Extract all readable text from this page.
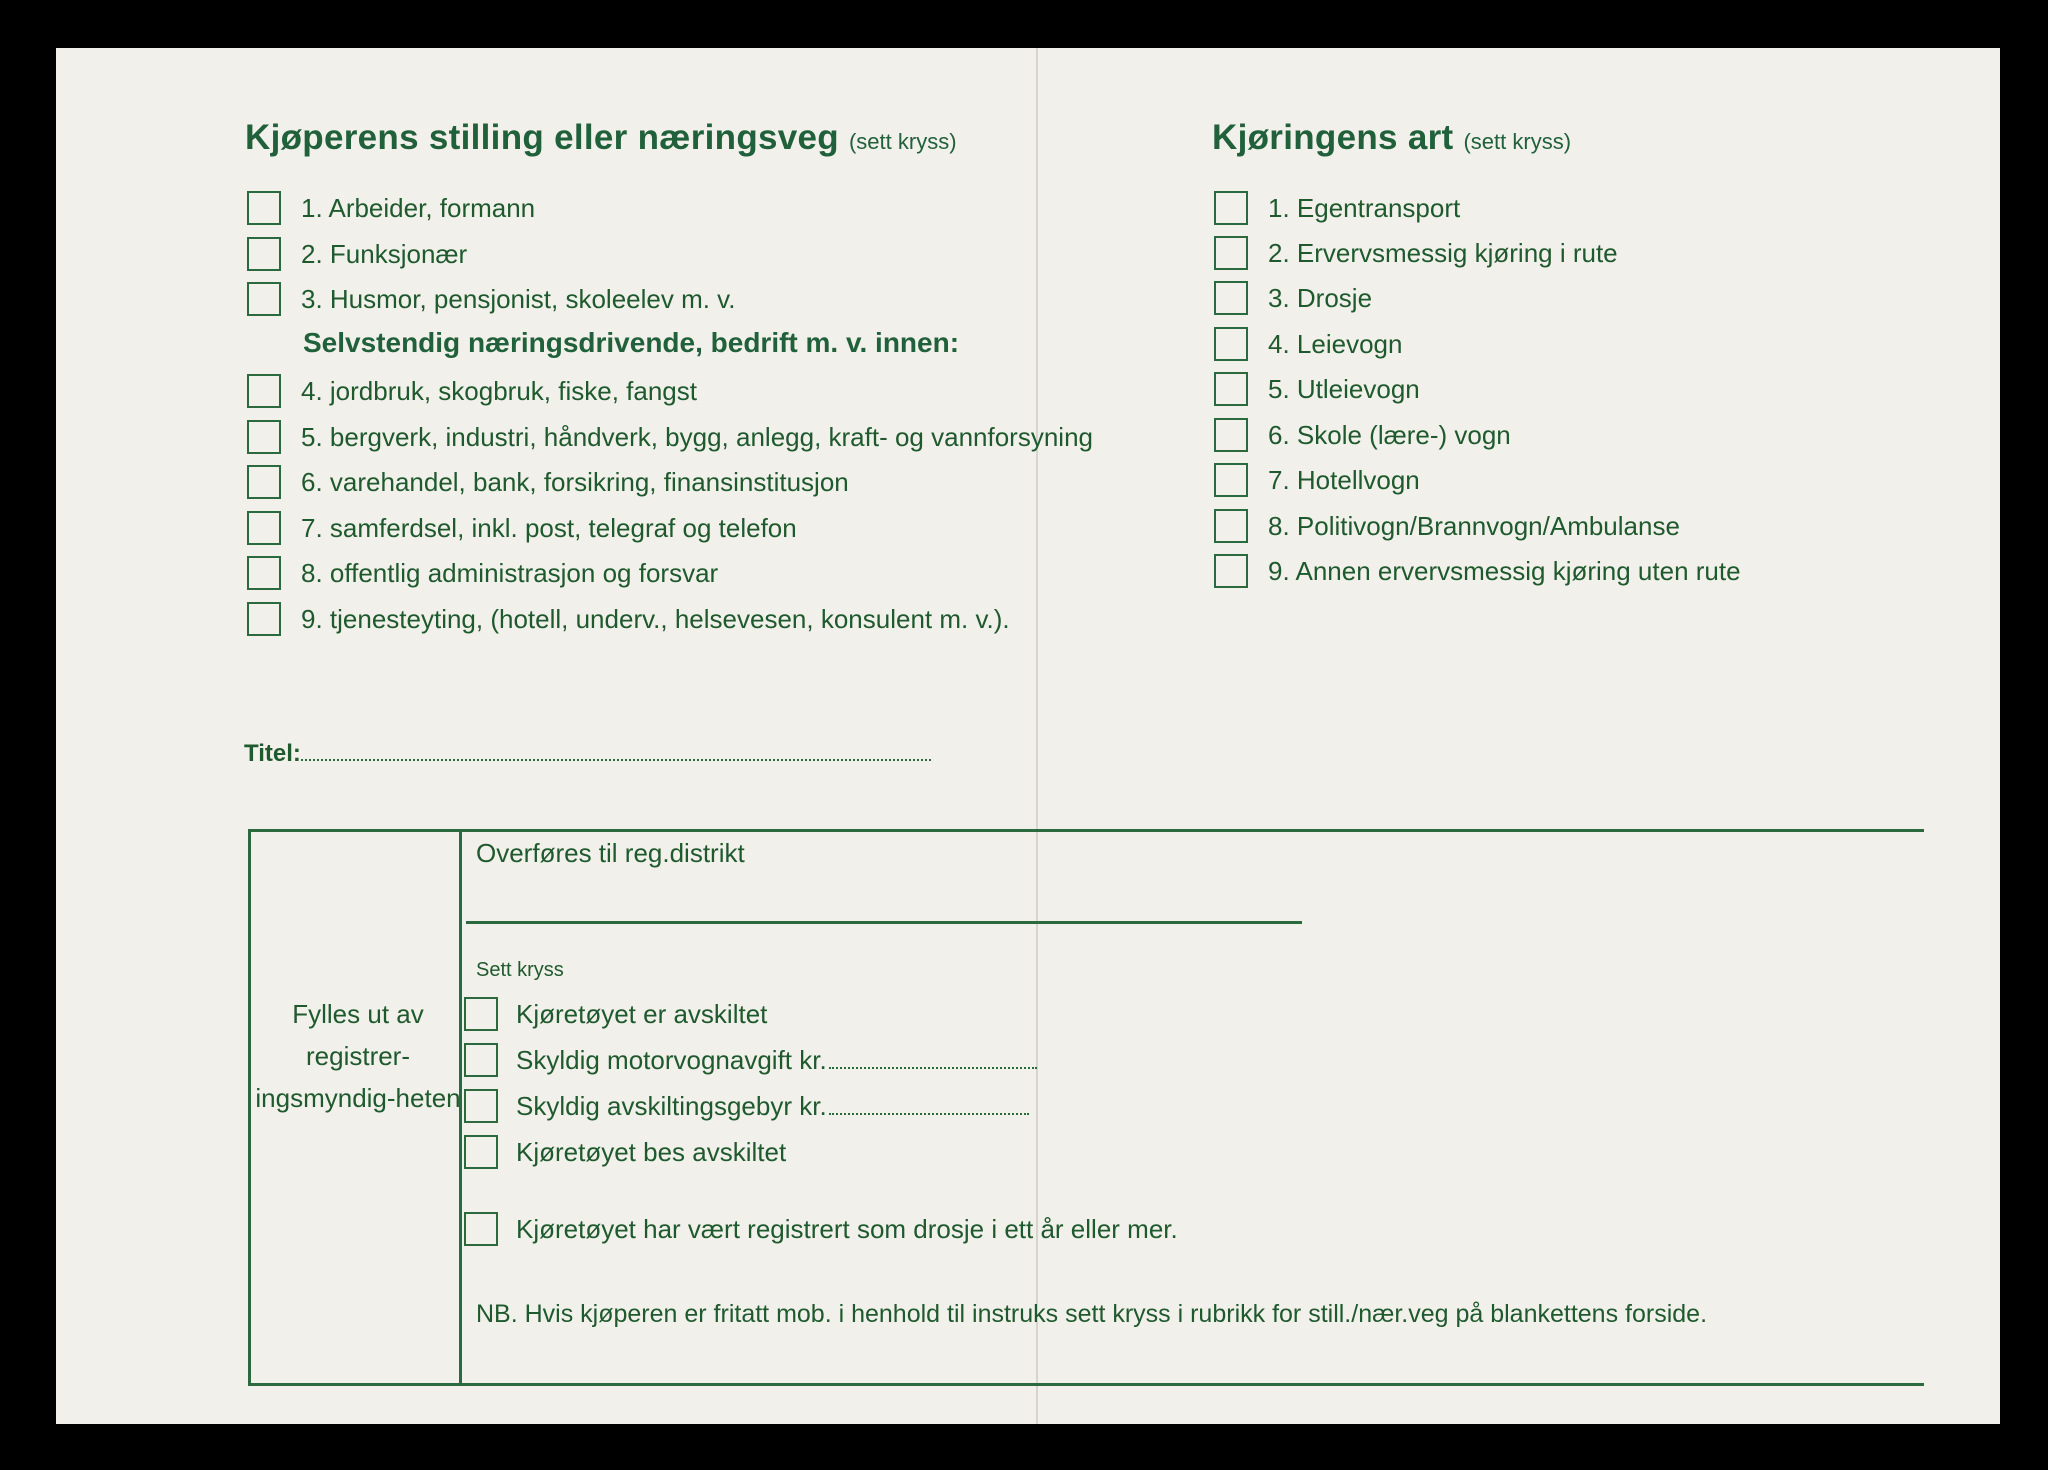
Kjøperens stilling eller næringsveg (sett kryss)
1. Arbeider, formann
2. Funksjonær
3. Husmor, pensjonist, skoleelev m. v.
Selvstendig næringsdrivende, bedrift m. v. innen:
4. jordbruk, skogbruk, fiske, fangst
5. bergverk, industri, håndverk, bygg, anlegg, kraft- og vannforsyning
6. varehandel, bank, forsikring, finansinstitusjon
7. samferdsel, inkl. post, telegraf og telefon
8. offentlig administrasjon og forsvar
9. tjenesteyting, (hotell, underv., helsevesen, konsulent m. v.).
Titel:
Kjøringens art (sett kryss)
1. Egentransport
2. Ervervsmessig kjøring i rute
3. Drosje
4. Leievogn
5. Utleievogn
6. Skole (lære-) vogn
7. Hotellvogn
8. Politivogn/Brannvogn/Ambulanse
9. Annen ervervsmessig kjøring uten rute
Fylles ut av registrer-ingsmyndig-heten
Overføres til reg.distrikt
Sett kryss
Kjøretøyet er avskiltet
Skyldig motorvognavgift kr.
Skyldig avskiltingsgebyr kr.
Kjøretøyet bes avskiltet
Kjøretøyet har vært registrert som drosje i ett år eller mer.
NB. Hvis kjøperen er fritatt mob. i henhold til instruks sett kryss i rubrikk for still./nær.veg på blankettens forside.
